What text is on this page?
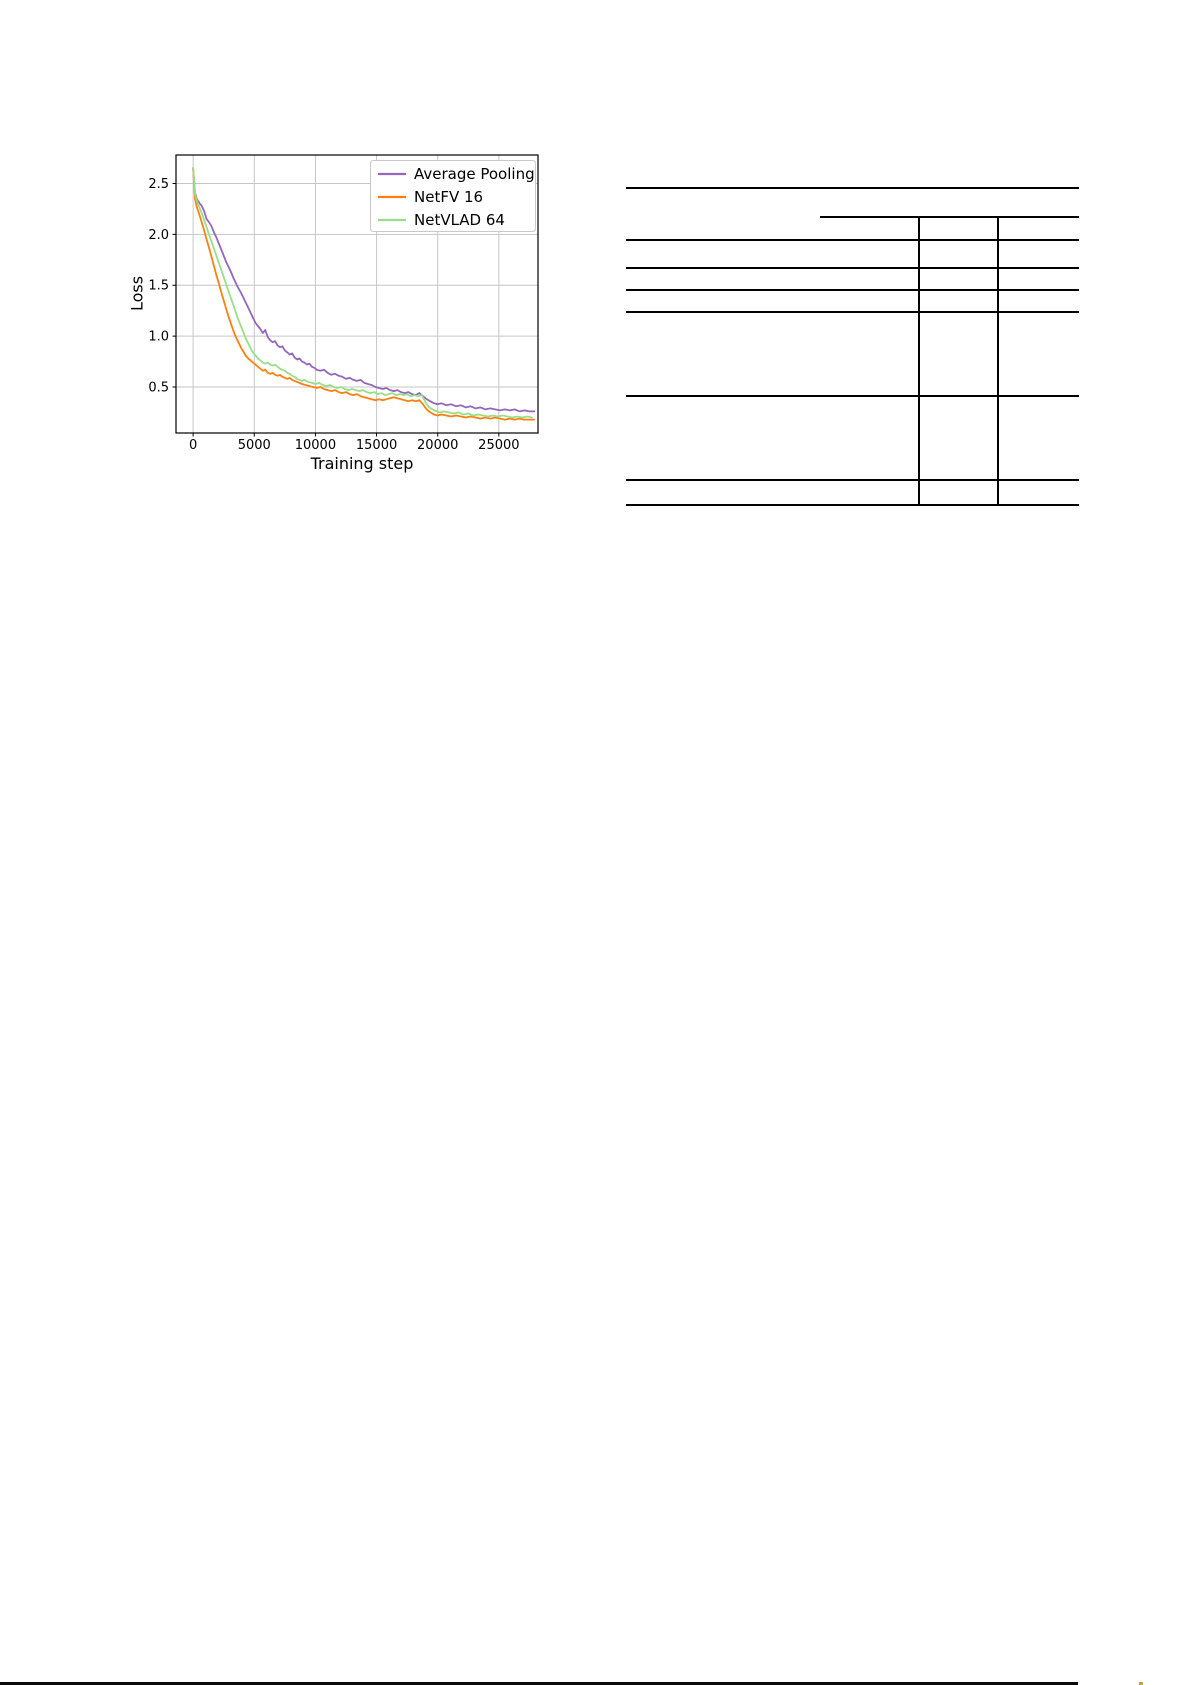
0	5000 10000 15000 20000 25000
0.5
1.0
1.5
2.0
2.5
Training step
Loss
Average Pooling
NetFV 16
NetVLAD 64
